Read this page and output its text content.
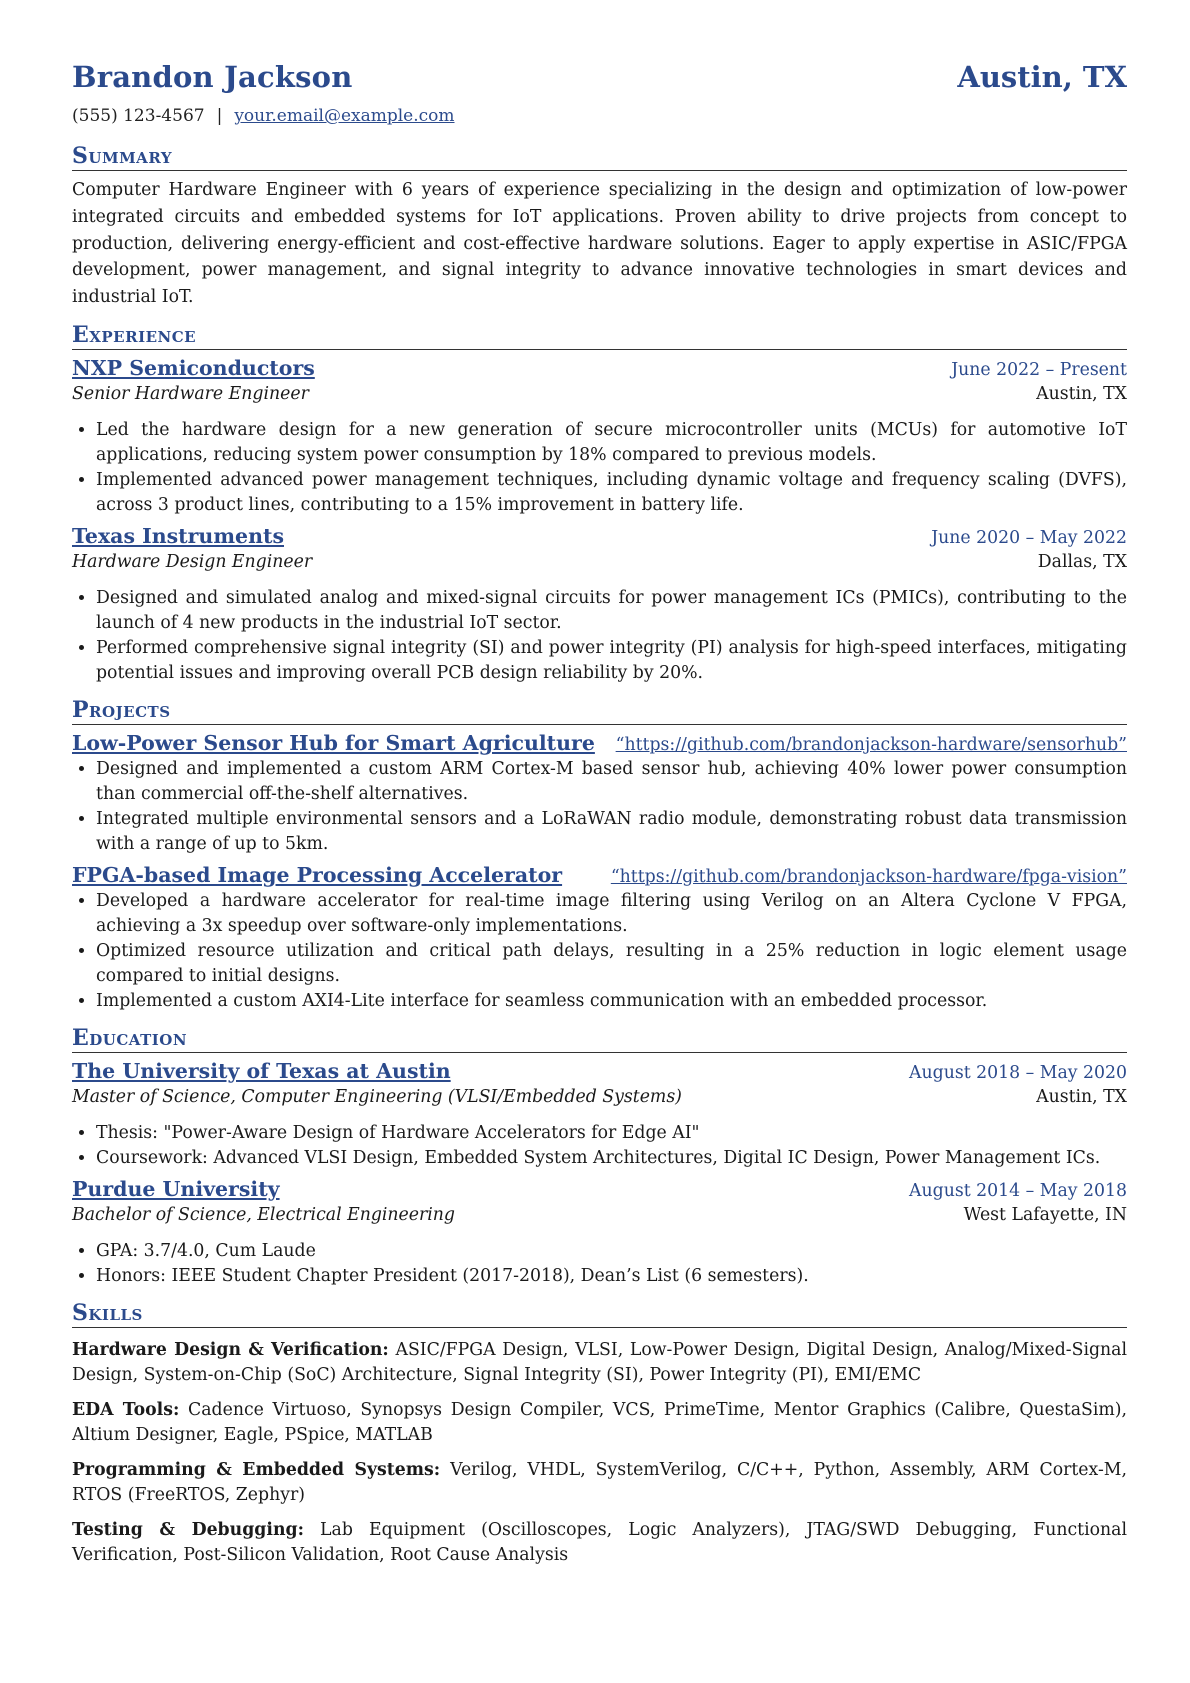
Brandon Jackson	Austin, TX
(555) 123-4567 | your.email@example.com
Summary
Computer Hardware Engineer with 6 years of experience specializing in the design and optimization of low-power integrated circuits and embedded systems for IoT applications. Proven ability to drive projects from concept to production, delivering energy-efficient and cost-effective hardware solutions. Eager to apply expertise in ASIC/FPGA development, power management, and signal integrity to advance innovative technologies in smart devices and industrial IoT.
Experience
NXP Semiconductors	June 2022 – Present
Senior Hardware Engineer	Austin, TX
• Led the hardware design for a new generation of secure microcontroller units (MCUs) for automotive IoT applications, reducing system power consumption by 18% compared to previous models.
• Implemented advanced power management techniques, including dynamic voltage and frequency scaling (DVFS), across 3 product lines, contributing to a 15% improvement in battery life.
Texas Instruments	June 2020 – May 2022
Hardware Design Engineer	Dallas, TX
• Designed and simulated analog and mixed-signal circuits for power management ICs (PMICs), contributing to the launch of 4 new products in the industrial IoT sector.
• Performed comprehensive signal integrity (SI) and power integrity (PI) analysis for high-speed interfaces, mitigating potential issues and improving overall PCB design reliability by 20%.
Projects
Low-Power Sensor Hub for Smart Agriculture “https://github.com/brandonjackson-hardware/sensorhub”
• Designed and implemented a custom ARM Cortex-M based sensor hub, achieving 40% lower power consumption than commercial off-the-shelf alternatives.
• Integrated multiple environmental sensors and a LoRaWAN radio module, demonstrating robust data transmission with a range of up to 5km.
FPGA-based Image Processing Accelerator	“https://github.com/brandonjackson-hardware/fpga-vision”
• Developed a hardware accelerator for real-time image filtering using Verilog on an Altera Cyclone V FPGA, achieving a 3x speedup over software-only implementations.
• Optimized resource utilization and critical path delays, resulting in a 25% reduction in logic element usage compared to initial designs.
• Implemented a custom AXI4-Lite interface for seamless communication with an embedded processor.
Education
The University of Texas at Austin	August 2018 – May 2020
Master of Science, Computer Engineering (VLSI/Embedded Systems)	Austin, TX
• Thesis: "Power-Aware Design of Hardware Accelerators for Edge AI"
• Coursework: Advanced VLSI Design, Embedded System Architectures, Digital IC Design, Power Management ICs.
Purdue University	August 2014 – May 2018
Bachelor of Science, Electrical Engineering	West Lafayette, IN
• GPA: 3.7/4.0, Cum Laude
• Honors: IEEE Student Chapter President (2017-2018), Dean’s List (6 semesters).
Skills
Hardware Design & Verification: ASIC/FPGA Design, VLSI, Low-Power Design, Digital Design, Analog/Mixed-Signal Design, System-on-Chip (SoC) Architecture, Signal Integrity (SI), Power Integrity (PI), EMI/EMC
EDA Tools: Cadence Virtuoso, Synopsys Design Compiler, VCS, PrimeTime, Mentor Graphics (Calibre, QuestaSim), Altium Designer, Eagle, PSpice, MATLAB
Programming & Embedded Systems: Verilog, VHDL, SystemVerilog, C/C++, Python, Assembly, ARM Cortex-M, RTOS (FreeRTOS, Zephyr)
Testing & Debugging: Lab Equipment (Oscilloscopes, Logic Analyzers), JTAG/SWD Debugging, Functional Verification, Post-Silicon Validation, Root Cause Analysis
